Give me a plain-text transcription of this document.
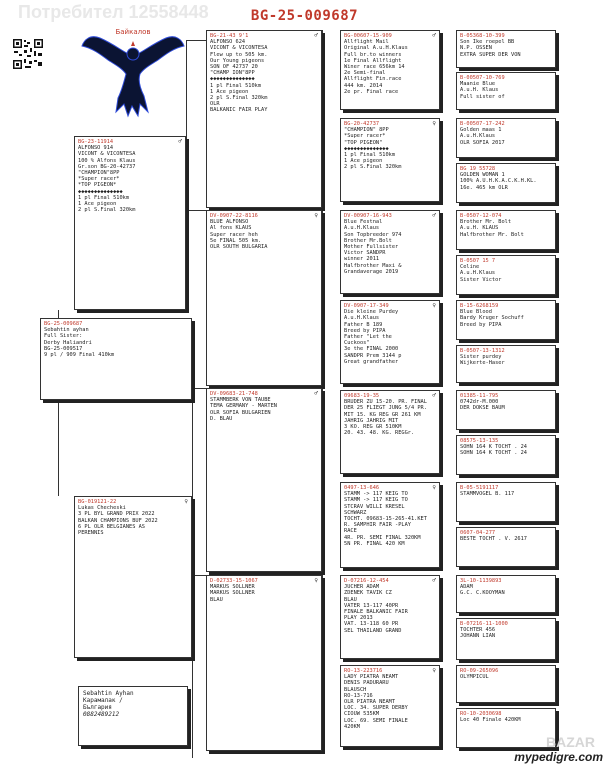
Потребител 12558448	BG-25-009687
Байкалов
BG-25-009687
Sebahtin ayhan
Full Sister:
Derby Haliandri
BG-25-009517
9 pl / 909 Final 410km
BG-23-11914	♂
ALFONSO 914
VICONT & VICONTESA
100 % Alfons Klaus
Gr.son BG-20-42737
"CHAMPION"8PP
*Super racer*
*TOP PIGEON*
◆◆◆◆◆◆◆◆◆◆◆◆◆◆
1 pl Final 510km
1 Ace pigeon
2 pl S.Final 320km
BG-019121-22	♀
Lukas Checheski
3 PL BYL GRAND PRIX 2022
BALKAN CHAMPIONS BUF 2022
6 PL OLR BELGIANES AS
PERENNIS
Sebahtin Ayhan
Карамалак /
България
0882489212
BG-21-43 9'1	♂
ALFONSO 624
VICONT & VICONTESA
Flew up to 505 km.
Our Young pigeons
SON OF 42737 20
"CHAMP ION"8PP
◆◆◆◆◆◆◆◆◆◆◆◆◆◆
1 pl Final 510km
1 Ace pigeon
2 pl S.Final 320km
OLR
BALKANIC FAIR PLAY
DV-0907-22-8116	♀
BLUE ALFONSO
Al fons KLAUS
Super racer heh
5e FINAL 505 km.
OLR SOUTH BULGARIA
DV-09683-21-748	♂
STAMMBERK VON TAUBE
TEMA GERMANY - MARTEN
OLR SOFIA BULGARIEN
D. BLAU
D-02733-15-1067	♀
MARKUS SOLLNER
MARKUS SOLLNER
BLAU
BG-00607-15-909	♂
Allflight Mail
Original A.u.H.Klaus
Full br.to winners
1e Final Allflight
Winer race 656km 14
2e Semi-final
Allflight Fin.race
444 km. 2014
2e pr. Final race
BG-20-42737	♀
"CHAMPION" 8PP
*Super racer*
"TOP PIGEON"
◆◆◆◆◆◆◆◆◆◆◆◆◆◆
1 pl Final 510km
1 Ace pigeon
2 pl S.Final 320km
DV-00907-16-943	♂
Blue Festnal
A.u.H.Klaus
Son Topbreeder 974
Brother Mr.Bolt
Mother Fullsister
Victor SANDPR
winner 2011
Halfbrother Maxi &
Grandaverage 2019
DV-0907-17-349	♀
Die kleine Purdey
A.u.H.Klaus
Father B 189
Breed by PIPA
Father "Let the
Cuckoos"
3e the FINAL 2000
SANDPR Prem 3144 p
Great grandfather
09683-19-35	♂
BRUDER ZU 15-20. PR. FINAL
DER 25 FLIEGT JUNG 5/4 PR.
MIT 15. KG REG GR 261 KM
JAHRIG JAHRIG MIT
3 KO. REG GR 510KM
20. 43. 48. KG. REGGr.
0497-13-646	♀
STAMM -> 117 KEIG TO
STAMM -> 117 KEIG TO
STCRAV WILLI KRESEL
SCHWARZ
TOCHT. 09683-15-265-41.KET
R. SAMPHIR FAIR -PLAY
RACE
4R. PR. SEMI FINAL 320KM
5N PR. FINAL 420 KM
D-07216-12-454	♂
JUCHER ADAM
ZDENEK TAVIK CZ
BLAU
VATER 13-117 40PR
FINALE BALKANIC FAIR
PLAY 2013
VAT. 13-118 60 PR
SEL THAILAND GRAND
RO-13-223716	♀
LADY PIATRA NEAMT
DENIS PADURARU
BLAUSCH
RO-13-716
OLR PIATRA NEAMT
LOC. 34. SUPER DERBY
CIOUW 535KM
LOC. 69. SEMI FINALE
420KM
B-05368-10-399
Son Ike roepel BB
N.P. OSSEN
EXTRA SUPER DER VON
B-00507-10-769
Maanie Blue
A.u.H. Klaus
Full sister of
B-00507-17-242
Golden maas 1
A.u.H.Klaus
OLR SOFIA 2017
BG 19 55728
GOLDEN WOMAN 1
100% A.U.H.K.A.C.K.H.KL.
16e. 465 km OLR
B-0507-12-074
Brother Mr. Bolt
A.u.H. KLAUS
Halfbrother Mr. Bolt
B-0507 15 7
Celine
A.u.H.Klaus
Sister Victor
B-15-6268159
Blue Blood
Bardy Kruger Sochuff
Breed by PIPA
B-0507-13-1312
Sister purdey
Wijkerte-Haser
01385-11-795
0742dr-M.000
DER DOKSE BAUM
08575-13-135
SOHN 164 K TOCHT . 24
SOHN 164 K TOCHT . 24
B-05-5191117
STAMMVOGEL B. 117
0607-04-277
BESTE TOCHT . V. 2617
3L-10-1139893
ADAM
G.C. C.KOOYMAN
B-07216-11-1000
TOCHTER 456
JOHANN LIAN
RO-09-265096
OLYMPICUL
RO-10-2030698
Loc 40 Finale 420KM
BAZAR
mypedigre.com
